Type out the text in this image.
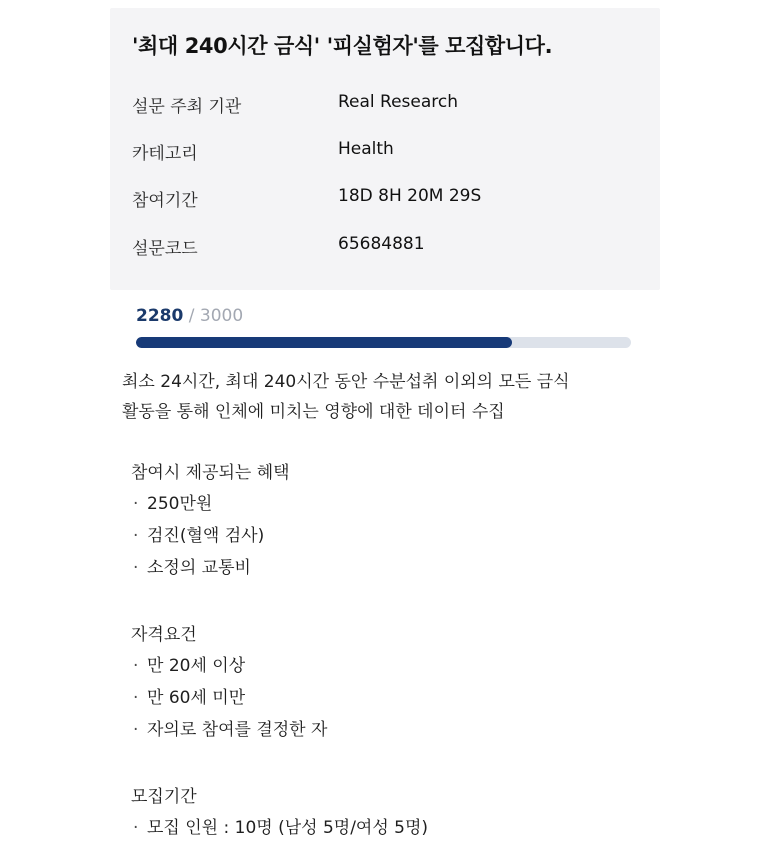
'최대 240시간 금식' '피실험자'를 모집합니다.
설문 주최 기관	Real Research
카테고리	Health
참여기간	18D 8H 20M 29S
설문코드	65684881
2280 / 3000
최소 24시간, 최대 240시간 동안 수분섭취 이외의 모든 금식
활동을 통해 인체에 미치는 영향에 대한 데이터 수집
참여시 제공되는 혜택
· 250만원
· 검진(혈액 검사)
· 소정의 교통비
자격요건
· 만 20세 이상
· 만 60세 미만
· 자의로 참여를 결정한 자
모집기간
· 모집 인원 : 10명 (남성 5명/여성 5명)
